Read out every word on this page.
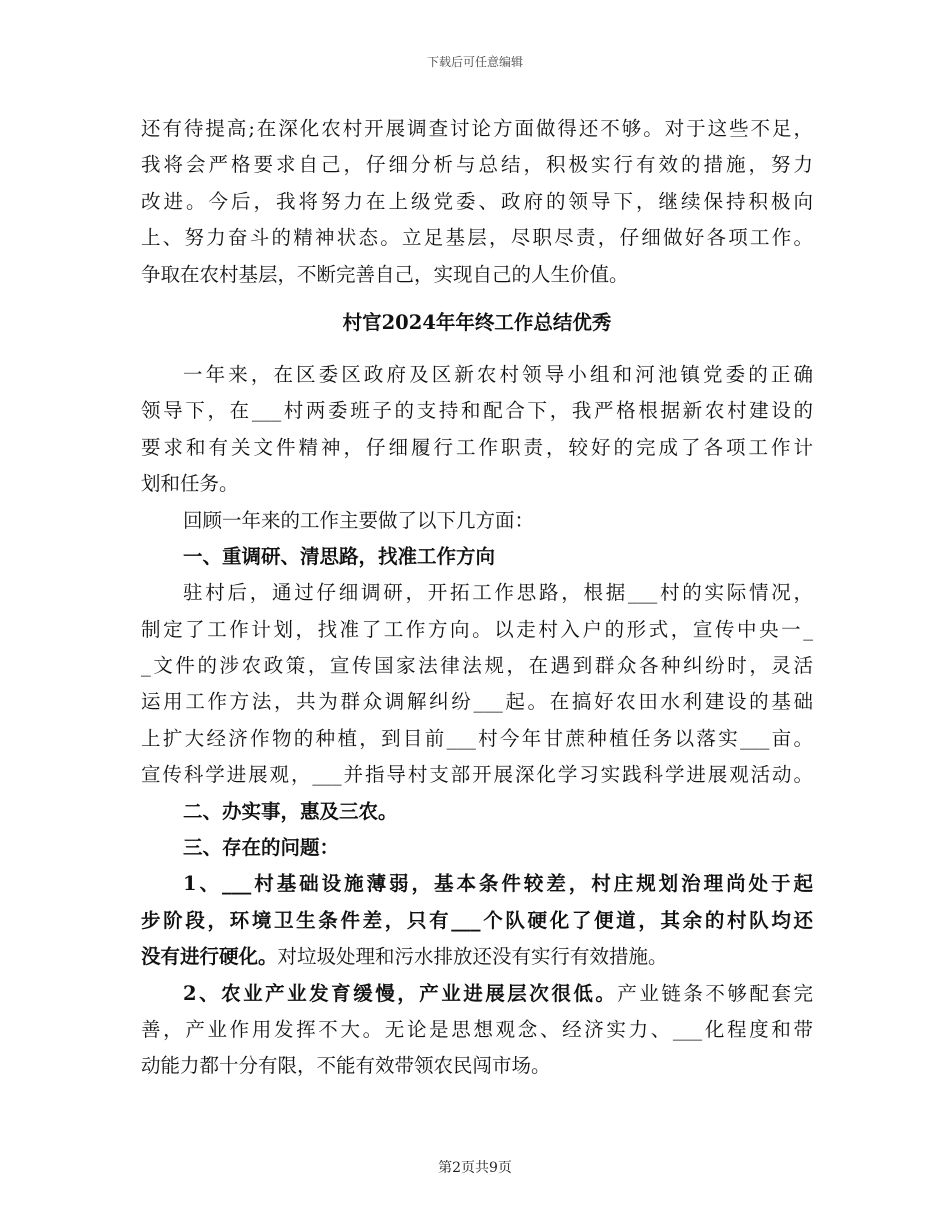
下载后可任意编辑
还有待提高;在深化农村开展调查讨论方面做得还不够。对于这些不足，
我将会严格要求自己，仔细分析与总结，积极实行有效的措施，努力
改进。今后，我将努力在上级党委、政府的领导下，继续保持积极向
上、努力奋斗的精神状态。立足基层，尽职尽责，仔细做好各项工作。
争取在农村基层，不断完善自己，实现自己的人生价值。
村官2024年年终工作总结优秀
一年来，在区委区政府及区新农村领导小组和河池镇党委的正确
领导下，在___村两委班子的支持和配合下，我严格根据新农村建设的
要求和有关文件精神，仔细履行工作职责，较好的完成了各项工作计
划和任务。
回顾一年来的工作主要做了以下几方面：
一、重调研、清思路，找准工作方向
驻村后，通过仔细调研，开拓工作思路，根据___村的实际情况，
制定了工作计划，找准了工作方向。以走村入户的形式，宣传中央一_
_文件的涉农政策，宣传国家法律法规，在遇到群众各种纠纷时，灵活
运用工作方法，共为群众调解纠纷___起。在搞好农田水利建设的基础
上扩大经济作物的种植，到目前___村今年甘蔗种植任务以落实___亩。
宣传科学进展观，___并指导村支部开展深化学习实践科学进展观活动。
二、办实事，惠及三农。
三、存在的问题：
1、___村基础设施薄弱，基本条件较差，村庄规划治理尚处于起
步阶段，环境卫生条件差，只有___个队硬化了便道，其余的村队均还
没有进行硬化。对垃圾处理和污水排放还没有实行有效措施。
2、农业产业发育缓慢，产业进展层次很低。产业链条不够配套完
善，产业作用发挥不大。无论是思想观念、经济实力、___化程度和带
动能力都十分有限，不能有效带领农民闯市场。
第2页共9页
